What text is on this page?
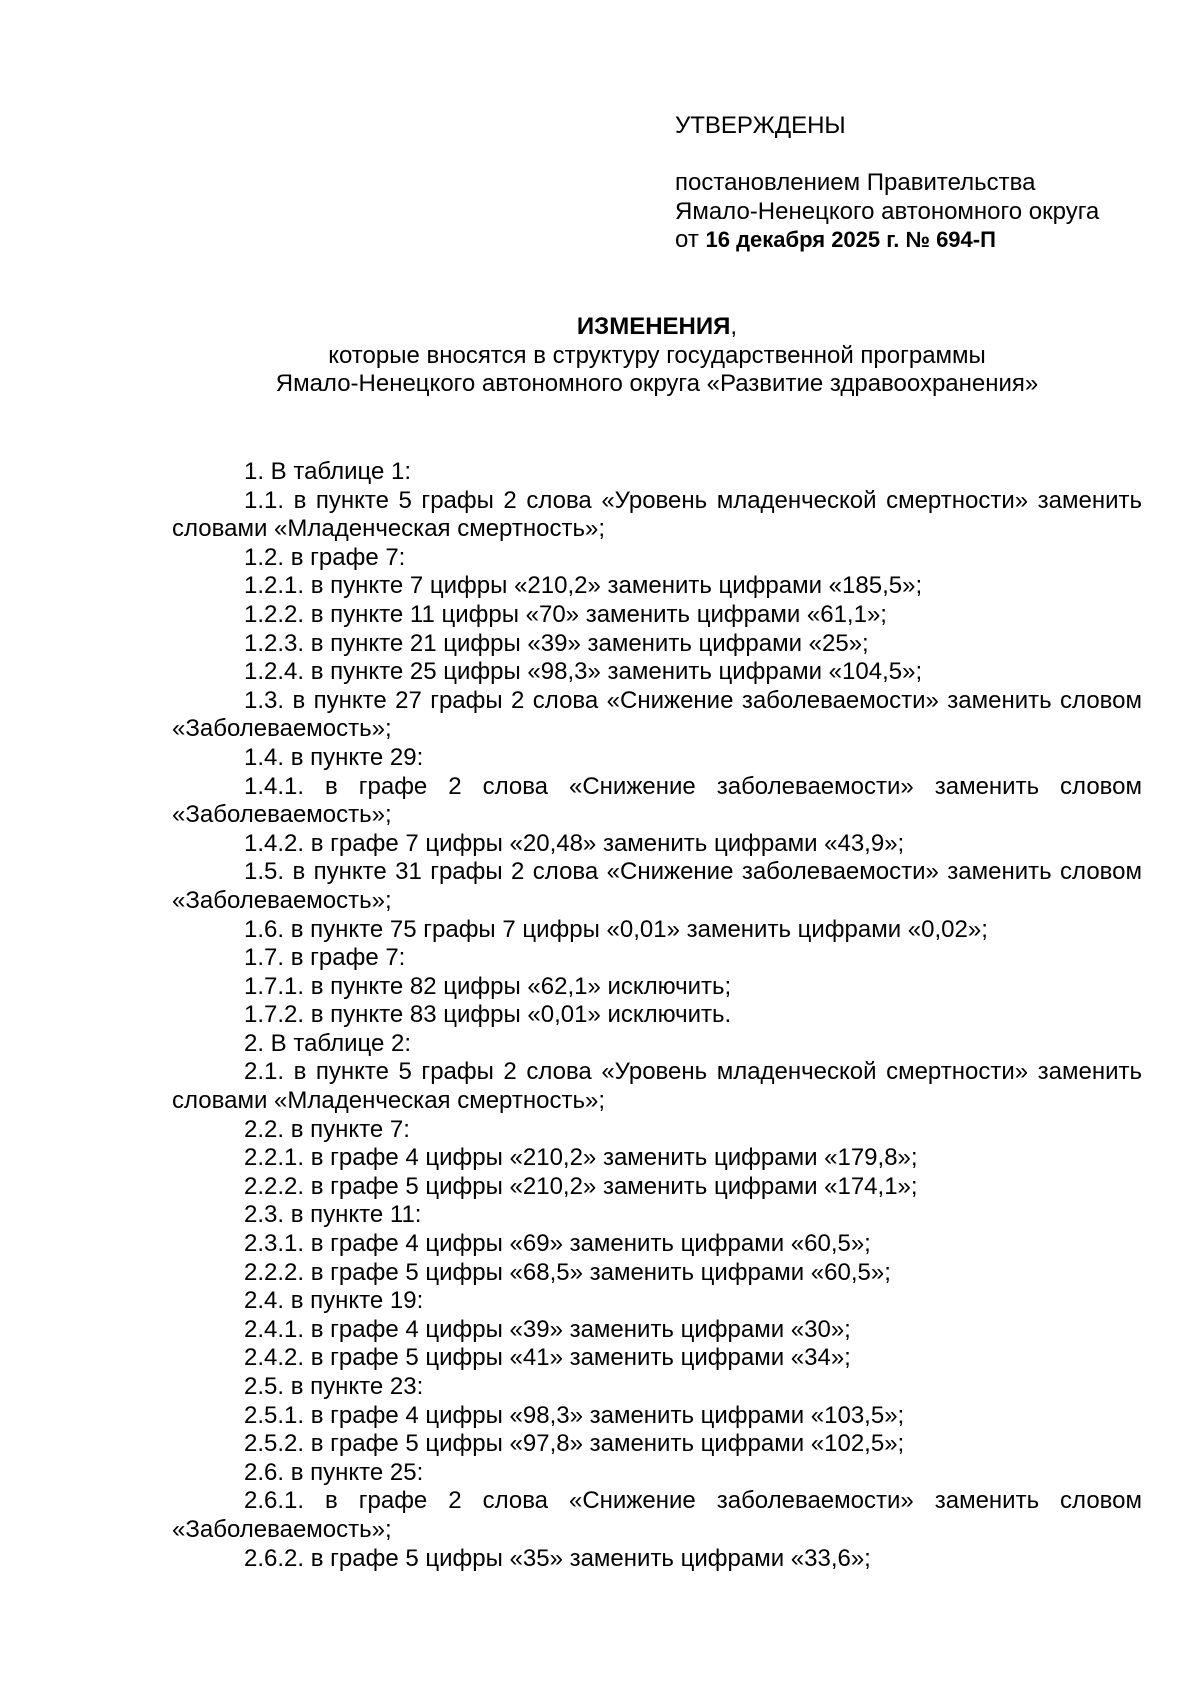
УТВЕРЖДЕНЫ
постановлением Правительства
Ямало-Ненецкого автономного округа
от 16 декабря 2025 г. № 694-П
ИЗМЕНЕНИЯ,
которые вносятся в структуру государственной программы
Ямало-Ненецкого автономного округа «Развитие здравоохранения»

1. В таблице 1:

1.1. в пункте 5 графы 2 слова «Уровень младенческой смертности» заменить словами «Младенческая смертность»;

1.2. в графе 7:

1.2.1. в пункте 7 цифры «210,2» заменить цифрами «185,5»;

1.2.2. в пункте 11 цифры «70» заменить цифрами «61,1»;

1.2.3. в пункте 21 цифры «39» заменить цифрами «25»;

1.2.4. в пункте 25 цифры «98,3» заменить цифрами «104,5»;

1.3. в пункте 27 графы 2 слова «Снижение заболеваемости» заменить словом «Заболеваемость»;

1.4. в пункте 29:

1.4.1. в графе 2 слова «Снижение заболеваемости» заменить словом «Заболеваемость»;

1.4.2. в графе 7 цифры «20,48» заменить цифрами «43,9»;

1.5. в пункте 31 графы 2 слова «Снижение заболеваемости» заменить словом «Заболеваемость»;

1.6. в пункте 75 графы 7 цифры «0,01» заменить цифрами «0,02»;

1.7. в графе 7:

1.7.1. в пункте 82 цифры «62,1» исключить;

1.7.2. в пункте 83 цифры «0,01» исключить.

2. В таблице 2:

2.1. в пункте 5 графы 2 слова «Уровень младенческой смертности» заменить словами «Младенческая смертность»;

2.2. в пункте 7:

2.2.1. в графе 4 цифры «210,2» заменить цифрами «179,8»;

2.2.2. в графе 5 цифры «210,2» заменить цифрами «174,1»;

2.3. в пункте 11:

2.3.1. в графе 4 цифры «69» заменить цифрами «60,5»;

2.2.2. в графе 5 цифры «68,5» заменить цифрами «60,5»;

2.4. в пункте 19:

2.4.1. в графе 4 цифры «39» заменить цифрами «30»;

2.4.2. в графе 5 цифры «41» заменить цифрами «34»;

2.5. в пункте 23:

2.5.1. в графе 4 цифры «98,3» заменить цифрами «103,5»;

2.5.2. в графе 5 цифры «97,8» заменить цифрами «102,5»;

2.6. в пункте 25:

2.6.1. в графе 2 слова «Снижение заболеваемости» заменить словом «Заболеваемость»;

2.6.2. в графе 5 цифры «35» заменить цифрами «33,6»;
